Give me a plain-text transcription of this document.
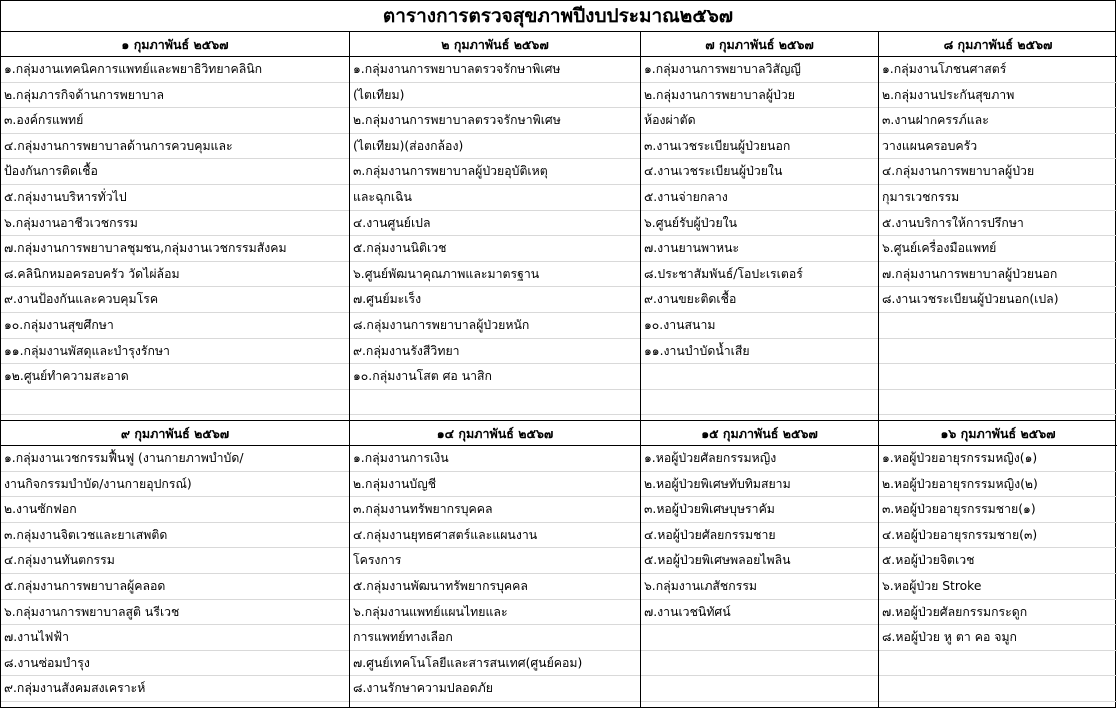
ตารางการตรวจสุขภาพปีงบประมาณ๒๕๖๗
๑ กุมภาพันธ์ ๒๕๖๗
๑.กลุ่มงานเทคนิคการแพทย์และพยาธิวิทยาคลินิก
๒.กลุ่มภารกิจด้านการพยาบาล
๓.องค์กรแพทย์
๔.กลุ่มงานการพยาบาลด้านการควบคุมและ
ป้องกันการติดเชื้อ
๕.กลุ่มงานบริหารทั่วไป
๖.กลุ่มงานอาชีวเวชกรรม
๗.กลุ่มงานการพยาบาลชุมชน,กลุ่มงานเวชกรรมสังคม
๘.คลินิกหมอครอบครัว วัดไผ่ล้อม
๙.งานป้องกันและควบคุมโรค
๑๐.กลุ่มงานสุขศึกษา
๑๑.กลุ่มงานพัสดุและบำรุงรักษา
๑๒.ศูนย์ทำความสะอาด
๒ กุมภาพันธ์ ๒๕๖๗
๑.กลุ่มงานการพยาบาลตรวจรักษาพิเศษ
(ไตเทียม)
๒.กลุ่มงานการพยาบาลตรวจรักษาพิเศษ
(ไตเทียม)(ส่องกล้อง)
๓.กลุ่มงานการพยาบาลผู้ป่วยอุบัติเหตุ
และฉุกเฉิน
๔.งานศูนย์เปล
๕.กลุ่มงานนิติเวช
๖.ศูนย์พัฒนาคุณภาพและมาตรฐาน
๗.ศูนย์มะเร็ง
๘.กลุ่มงานการพยาบาลผู้ป่วยหนัก
๙.กลุ่มงานรังสีวิทยา
๑๐.กลุ่มงานโสต ศอ นาสิก
๗ กุมภาพันธ์ ๒๕๖๗
๑.กลุ่มงานการพยาบาลวิสัญญี
๒.กลุ่มงานการพยาบาลผู้ป่วย
ห้องผ่าตัด
๓.งานเวชระเบียนผู้ป่วยนอก
๔.งานเวชระเบียนผู้ป่วยใน
๕.งานจ่ายกลาง
๖.ศูนย์รับผู้ป่วยใน
๗.งานยานพาหนะ
๘.ประชาสัมพันธ์/โอปะเรเตอร์
๙.งานขยะติดเชื้อ
๑๐.งานสนาม
๑๑.งานบำบัดน้ำเสีย
๘ กุมภาพันธ์ ๒๕๖๗
๑.กลุ่มงานโภชนศาสตร์
๒.กลุ่มงานประกันสุขภาพ
๓.งานฝากครรภ์และ
วางแผนครอบครัว
๔.กลุ่มงานการพยาบาลผู้ป่วย
กุมารเวชกรรม
๕.งานบริการให้การปรึกษา
๖.ศูนย์เครื่องมือแพทย์
๗.กลุ่มงานการพยาบาลผู้ป่วยนอก
๘.งานเวชระเบียนผู้ป่วยนอก(เปล)
๙ กุมภาพันธ์ ๒๕๖๗
๑.กลุ่มงานเวชกรรมฟื้นฟู (งานกายภาพบำบัด/
งานกิจกรรมบำบัด/งานกายอุปกรณ์)
๒.งานซักฟอก
๓.กลุ่มงานจิตเวชและยาเสพติด
๔.กลุ่มงานทันตกรรม
๕.กลุ่มงานการพยาบาลผู้คลอด
๖.กลุ่มงานการพยาบาลสูติ นรีเวช
๗.งานไฟฟ้า
๘.งานซ่อมบำรุง
๙.กลุ่มงานสังคมสงเคราะห์
๑๔ กุมภาพันธ์ ๒๕๖๗
๑.กลุ่มงานการเงิน
๒.กลุ่มงานบัญชี
๓.กลุ่มงานทรัพยากรบุคคล
๔.กลุ่มงานยุทธศาสตร์และแผนงาน
โครงการ
๕.กลุ่มงานพัฒนาทรัพยากรบุคคล
๖.กลุ่มงานแพทย์แผนไทยและ
การแพทย์ทางเลือก
๗.ศูนย์เทคโนโลยีและสารสนเทศ(ศูนย์คอม)
๘.งานรักษาความปลอดภัย
๑๕ กุมภาพันธ์ ๒๕๖๗
๑.หอผู้ป่วยศัลยกรรมหญิง
๒.หอผู้ป่วยพิเศษทับทิมสยาม
๓.หอผู้ป่วยพิเศษบุษราคัม
๔.หอผู้ป่วยศัลยกรรมชาย
๕.หอผู้ป่วยพิเศษพลอยไพลิน
๖.กลุ่มงานเภสัชกรรม
๗.งานเวชนิทัศน์
๑๖ กุมภาพันธ์ ๒๕๖๗
๑.หอผู้ป่วยอายุรกรรมหญิง(๑)
๒.หอผู้ป่วยอายุรกรรมหญิง(๒)
๓.หอผู้ป่วยอายุรกรรมชาย(๑)
๔.หอผู้ป่วยอายุรกรรมชาย(๓)
๕.หอผู้ป่วยจิตเวช
๖.หอผู้ป่วย Stroke
๗.หอผู้ป่วยศัลยกรรมกระดูก
๘.หอผู้ป่วย หู ตา คอ จมูก
